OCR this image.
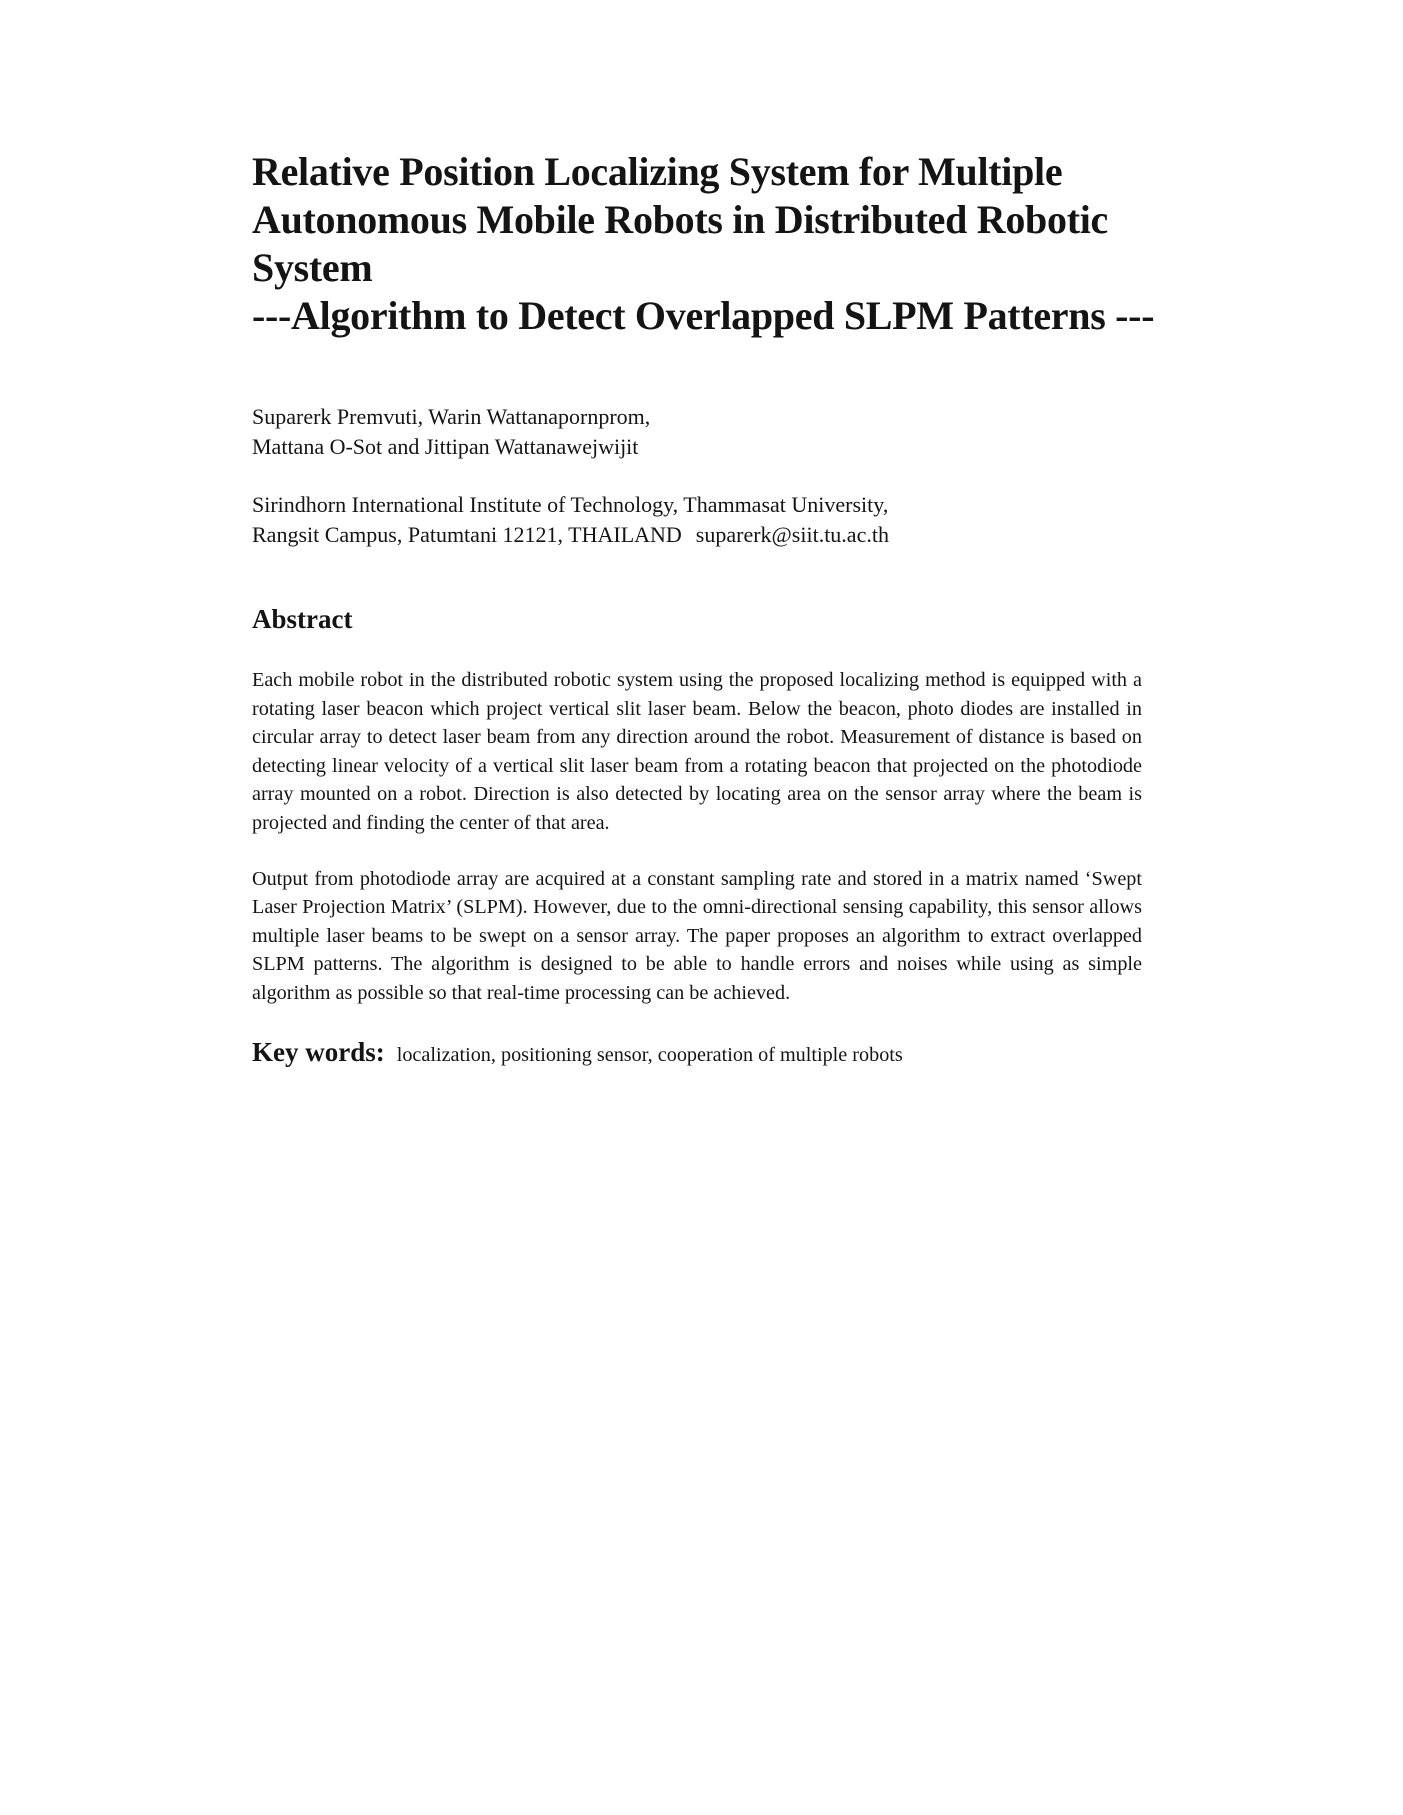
Relative Position Localizing System for Multiple
Autonomous Mobile Robots in Distributed Robotic
System
---Algorithm to Detect Overlapped SLPM Patterns ---
Suparerk Premvuti, Warin Wattanapornprom,
Mattana O-Sot and Jittipan Wattanawejwijit
Sirindhorn International Institute of Technology, Thammasat University,
Rangsit Campus, Patumtani 12121, THAILAND suparerk@siit.tu.ac.th
Abstract

Each mobile robot in the distributed robotic system using the proposed localizing method is equipped with a rotating laser beacon which project vertical slit laser beam. Below the beacon, photo diodes are installed in circular array to detect laser beam from any direction around the robot. Measurement of distance is based on detecting linear velocity of a vertical slit laser beam from a rotating beacon that projected on the photodiode array mounted on a robot. Direction is also detected by locating area on the sensor array where the beam is projected and finding the center of that area.

Output from photodiode array are acquired at a constant sampling rate and stored in a matrix named ‘Swept Laser Projection Matrix’ (SLPM). However, due to the omni-directional sensing capability, this sensor allows multiple laser beams to be swept on a sensor array. The paper proposes an algorithm to extract overlapped SLPM patterns. The algorithm is designed to be able to handle errors and noises while using as simple algorithm as possible so that real-time processing can be achieved.

Key words: localization, positioning sensor, cooperation of multiple robots
